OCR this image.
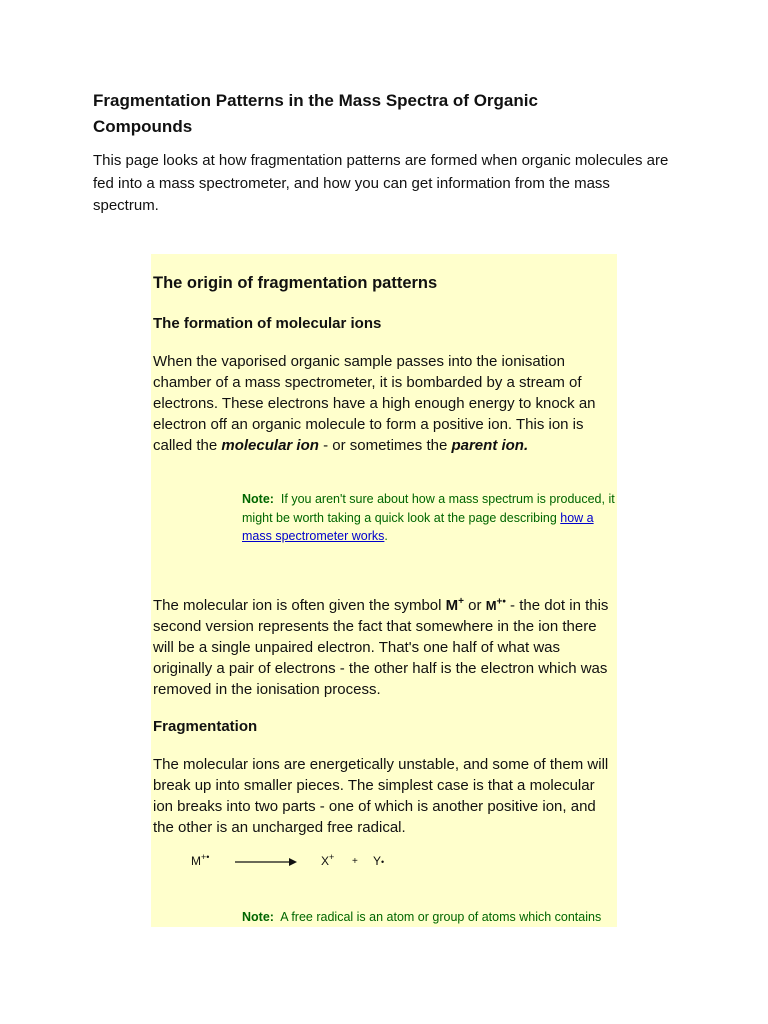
Fragmentation Patterns in the Mass Spectra of Organic Compounds

This page looks at how fragmentation patterns are formed when organic molecules are fed into a mass spectrometer, and how you can get information from the mass spectrum.

The origin of fragmentation patterns
The formation of molecular ions

When the vaporised organic sample passes into the ionisation chamber of a mass spectrometer, it is bombarded by a stream of electrons. These electrons have a high enough energy to knock an electron off an organic molecule to form a positive ion. This ion is called the molecular ion - or sometimes the parent ion.

Note: If you aren't sure about how a mass spectrum is produced, it might be worth taking a quick look at the page describing how a mass spectrometer works.

The molecular ion is often given the symbol M+ or M+• - the dot in this second version represents the fact that somewhere in the ion there will be a single unpaired electron. That's one half of what was originally a pair of electrons - the other half is the electron which was removed in the ionisation process.

Fragmentation

The molecular ions are energetically unstable, and some of them will break up into smaller pieces. The simplest case is that a molecular ion breaks into two parts - one of which is another positive ion, and the other is an uncharged free radical.

M+•	X+ + Y•

Note: A free radical is an atom or group of atoms which contains
